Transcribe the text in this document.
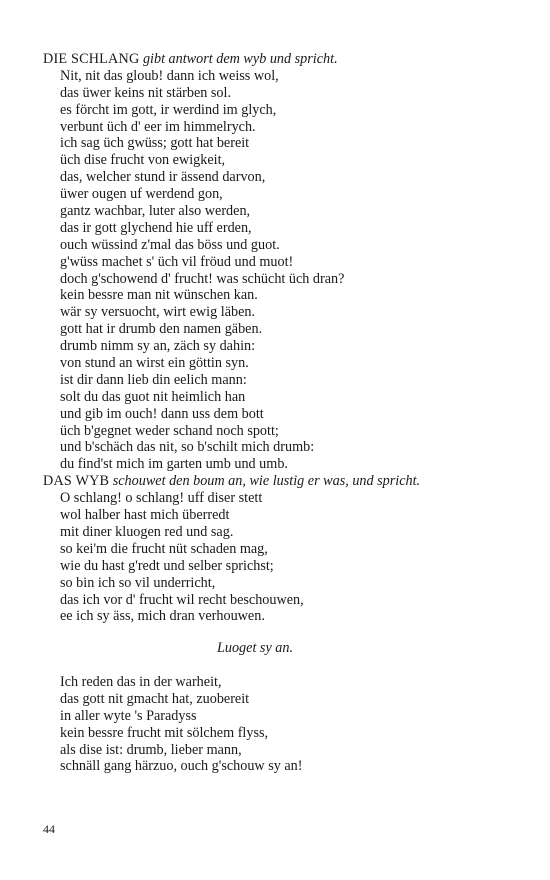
DIE SCHLANG gibt antwort dem wyb und spricht.
Nit, nit das gloub! dann ich weiss wol,
das üwer keins nit stärben sol.
es förcht im gott, ir werdind im glych,
verbunt üch d' eer im himmelrych.
ich sag üch gwüss; gott hat bereit
üch dise frucht von ewigkeit,
das, welcher stund ir ässend darvon,
üwer ougen uf werdend gon,
gantz wachbar, luter also werden,
das ir gott glychend hie uff erden,
ouch wüssind z'mal das böss und guot.
g'wüss machet s' üch vil fröud und muot!
doch g'schowend d' frucht! was schücht üch dran?
kein bessre man nit wünschen kan.
wär sy versuocht, wirt ewig läben.
gott hat ir drumb den namen gäben.
drumb nimm sy an, zäch sy dahin:
von stund an wirst ein göttin syn.
ist dir dann lieb din eelich mann:
solt du das guot nit heimlich han
und gib im ouch! dann uss dem bott
üch b'gegnet weder schand noch spott;
und b'schäch das nit, so b'schilt mich drumb:
du find'st mich im garten umb und umb.
DAS WYB schouwet den boum an, wie lustig er was, und spricht.
O schlang! o schlang! uff diser stett
wol halber hast mich überredt
mit diner kluogen red und sag.
so kei'm die frucht nüt schaden mag,
wie du hast g'redt und selber sprichst;
so bin ich so vil underricht,
das ich vor d' frucht wil recht beschouwen,
ee ich sy äss, mich dran verhouwen.
Luoget sy an.
Ich reden das in der warheit,
das gott nit gmacht hat, zuobereit
in aller wyte 's Paradyss
kein bessre frucht mit sölchem flyss,
als dise ist: drumb, lieber mann,
schnäll gang härzuo, ouch g'schouw sy an!
44
